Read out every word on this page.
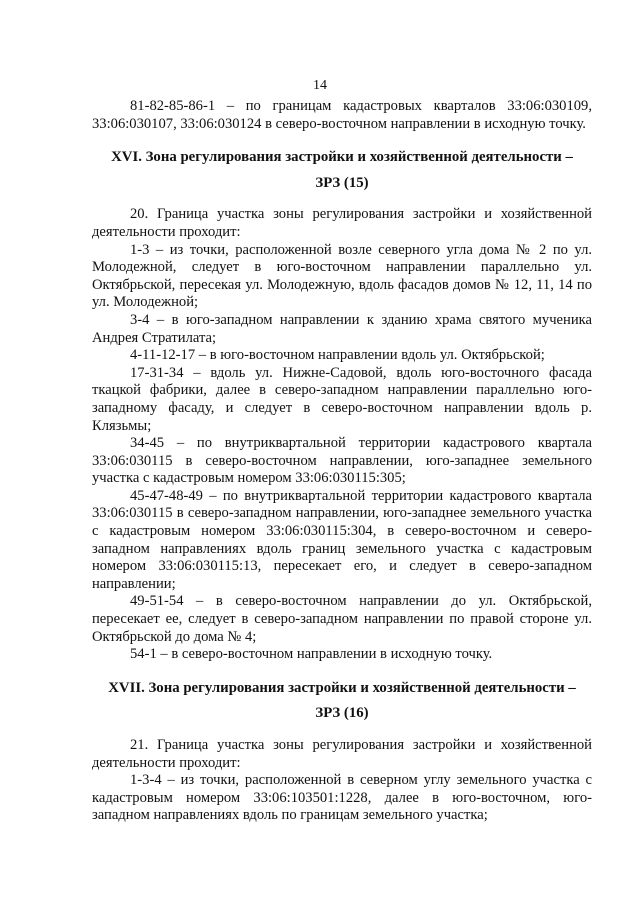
14

81-82-85-86-1 – по границам кадастровых кварталов 33:06:030109, 33:06:030107, 33:06:030124 в северо-восточном направлении в исходную точку.

XVI. Зона регулирования застройки и хозяйственной деятельности –

ЗРЗ (15)

20. Граница участка зоны регулирования застройки и хозяйственной деятельности проходит:

1-3 – из точки, расположенной возле северного угла дома № 2 по ул. Молодежной, следует в юго-восточном направлении параллельно ул. Октябрьской, пересекая ул. Молодежную, вдоль фасадов домов № 12, 11, 14 по ул. Молодежной;

3-4 – в юго-западном направлении к зданию храма святого мученика Андрея Стратилата;

4-11-12-17 – в юго-восточном направлении вдоль ул. Октябрьской;

17-31-34 – вдоль ул. Нижне-Садовой, вдоль юго-восточного фасада ткацкой фабрики, далее в северо-западном направлении параллельно юго-западному фасаду, и следует в северо-восточном направлении вдоль р. Клязьмы;

34-45 – по внутриквартальной территории кадастрового квартала 33:06:030115 в северо-восточном направлении, юго-западнее земельного участка с кадастровым номером 33:06:030115:305;

45-47-48-49 – по внутриквартальной территории кадастрового квартала 33:06:030115 в северо-западном направлении, юго-западнее земельного участка с кадастровым номером 33:06:030115:304, в северо-восточном и северо-западном направлениях вдоль границ земельного участка с кадастровым номером 33:06:030115:13, пересекает его, и следует в северо-западном направлении;

49-51-54 – в северо-восточном направлении до ул. Октябрьской, пересекает ее, следует в северо-западном направлении по правой стороне ул. Октябрьской до дома № 4;

54-1 – в северо-восточном направлении в исходную точку.

XVII. Зона регулирования застройки и хозяйственной деятельности –

ЗРЗ (16)

21. Граница участка зоны регулирования застройки и хозяйственной деятельности проходит:

1-3-4 – из точки, расположенной в северном углу земельного участка с кадастровым номером 33:06:103501:1228, далее в юго-восточном, юго-западном направлениях вдоль по границам земельного участка;
